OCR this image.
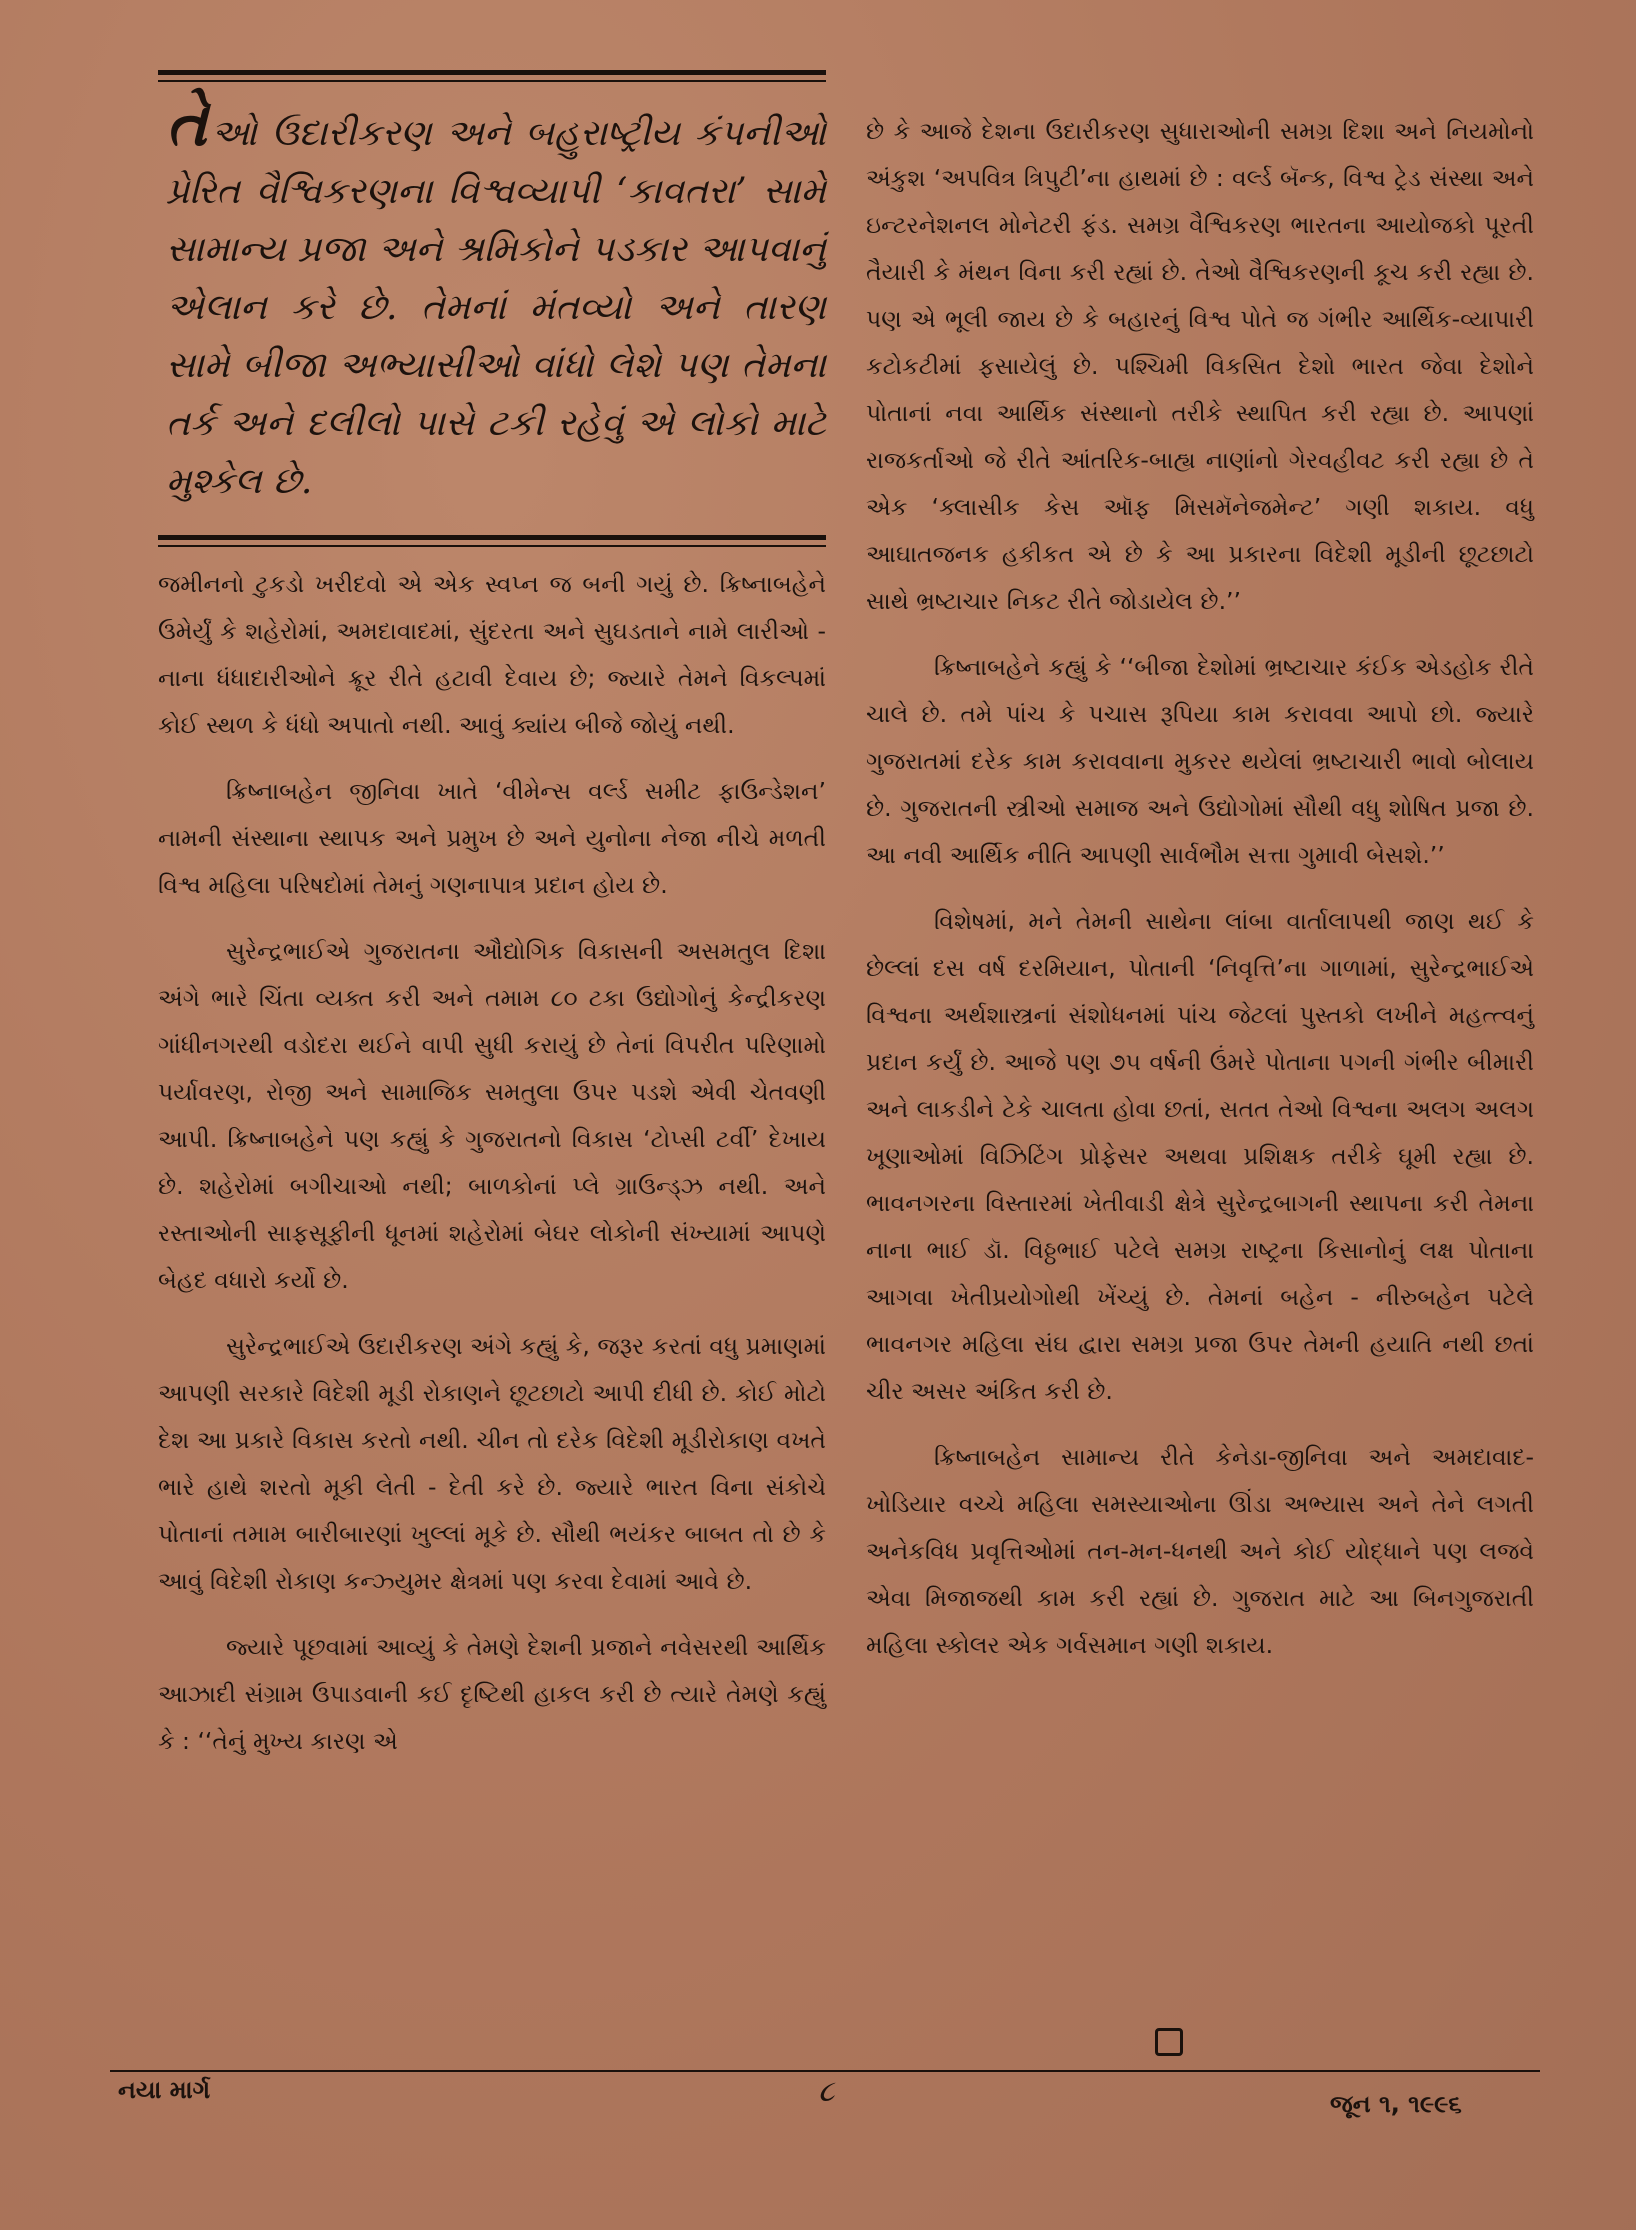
તેઓ ઉદારીકરણ અને બહુરાષ્ટ્રીય કંપનીઓ પ્રેરિત વૈશ્વિકરણના વિશ્વવ્યાપી ‘કાવતરા’ સામે સામાન્ય પ્રજા અને શ્રમિકોને પડકાર આપવાનું એલાન કરે છે. તેમનાં મંતવ્યો અને તારણ સામે બીજા અભ્યાસીઓ વાંધો લેશે પણ તેમના તર્ક અને દલીલો પાસે ટકી રહેવું એ લોકો માટે મુશ્કેલ છે.

જમીનનો ટુકડો ખરીદવો એ એક સ્વપ્ન જ બની ગયું છે. ક્રિષ્નાબહેને ઉમેર્યું કે શહેરોમાં, અમદાવાદમાં, સુંદરતા અને સુઘડતાને નામે લારીઓ - નાના ધંધાદારીઓને ક્રૂર રીતે હટાવી દેવાય છે; જ્યારે તેમને વિકલ્પમાં કોઈ સ્થળ કે ધંધો અપાતો નથી. આવું ક્યાંય બીજે જોયું નથી.

ક્રિષ્નાબહેન જીનિવા ખાતે ‘વીમેન્સ વર્લ્ડ સમીટ ફાઉન્ડેશન’ નામની સંસ્થાના સ્થાપક અને પ્રમુખ છે અને યુનોના નેજા નીચે મળતી વિશ્વ મહિલા પરિષદોમાં તેમનું ગણનાપાત્ર પ્રદાન હોય છે.

સુરેન્દ્રભાઈએ ગુજરાતના ઔદ્યોગિક વિકાસની અસમતુલ દિશા અંગે ભારે ચિંતા વ્યક્ત કરી અને તમામ ૮૦ ટકા ઉદ્યોગોનું કેન્દ્રીકરણ ગાંધીનગરથી વડોદરા થઈને વાપી સુધી કરાયું છે તેનાં વિપરીત પરિણામો પર્યાવરણ, રોજી અને સામાજિક સમતુલા ઉપર પડશે એવી ચેતવણી આપી. ક્રિષ્નાબહેને પણ કહ્યું કે ગુજરાતનો વિકાસ ‘ટોપ્સી ટર્વી’ દેખાય છે. શહેરોમાં બગીચાઓ નથી; બાળકોનાં પ્લે ગ્રાઉન્ડ્ઝ નથી. અને રસ્તાઓની સાફસૂફીની ધૂનમાં શહેરોમાં બેઘર લોકોની સંખ્યામાં આપણે બેહદ વધારો કર્યો છે.

સુરેન્દ્રભાઈએ ઉદારીકરણ અંગે કહ્યું કે, જરૂર કરતાં વધુ પ્રમાણમાં આપણી સરકારે વિદેશી મૂડી રોકાણને છૂટછાટો આપી દીધી છે. કોઈ મોટો દેશ આ પ્રકારે વિકાસ કરતો નથી. ચીન તો દરેક વિદેશી મૂડીરોકાણ વખતે ભારે હાથે શરતો મૂકી લેતી - દેતી કરે છે. જ્યારે ભારત વિના સંકોચે પોતાનાં તમામ બારીબારણાં ખુલ્લાં મૂકે છે. સૌથી ભયંકર બાબત તો છે કે આવું વિદેશી રોકાણ કન્ઝ્યુમર ક્ષેત્રમાં પણ કરવા દેવામાં આવે છે.

જ્યારે પૂછવામાં આવ્યું કે તેમણે દેશની પ્રજાને નવેસરથી આર્થિક આઝાદી સંગ્રામ ઉપાડવાની કઈ દૃષ્ટિથી હાકલ કરી છે ત્યારે તેમણે કહ્યું કે : ‘‘તેનું મુખ્ય કારણ એ

છે કે આજે દેશના ઉદારીકરણ સુધારાઓની સમગ્ર દિશા અને નિયમોનો અંકુશ ‘અપવિત્ર ત્રિપુટી’ના હાથમાં છે : વર્લ્ડ બૅન્ક, વિશ્વ ટ્રેડ સંસ્થા અને ઇન્ટરનેશનલ મોનેટરી ફંડ. સમગ્ર વૈશ્વિકરણ ભારતના આયોજકો પૂરતી તૈયારી કે મંથન વિના કરી રહ્યાં છે. તેઓ વૈશ્વિકરણની કૂચ કરી રહ્યા છે. પણ એ ભૂલી જાય છે કે બહારનું વિશ્વ પોતે જ ગંભીર આર્થિક-વ્યાપારી કટોકટીમાં ફસાયેલું છે. પશ્ચિમી વિકસિત દેશો ભારત જેવા દેશોને પોતાનાં નવા આર્થિક સંસ્થાનો તરીકે સ્થાપિત કરી રહ્યા છે. આપણાં રાજકર્તાઓ જે રીતે આંતરિક-બાહ્ય નાણાંનો ગેરવહીવટ કરી રહ્યા છે તે એક ‘ક્લાસીક કેસ ઑફ મિસમૅનેજમેન્ટ’ ગણી શકાય. વધુ આઘાતજનક હકીકત એ છે કે આ પ્રકારના વિદેશી મૂડીની છૂટછાટો સાથે ભ્રષ્ટાચાર નિકટ રીતે જોડાયેલ છે.’’

ક્રિષ્નાબહેને કહ્યું કે ‘‘બીજા દેશોમાં ભ્રષ્ટાચાર કંઈક એડહોક રીતે ચાલે છે. તમે પાંચ કે પચાસ રૂપિયા કામ કરાવવા આપો છો. જ્યારે ગુજરાતમાં દરેક કામ કરાવવાના મુકરર થયેલાં ભ્રષ્ટાચારી ભાવો બોલાય છે. ગુજરાતની સ્ત્રીઓ સમાજ અને ઉદ્યોગોમાં સૌથી વધુ શોષિત પ્રજા છે. આ નવી આર્થિક નીતિ આપણી સાર્વભૌમ સત્તા ગુમાવી બેસશે.’’

વિશેષમાં, મને તેમની સાથેના લાંબા વાર્તાલાપથી જાણ થઈ કે છેલ્લાં દસ વર્ષ દરમિયાન, પોતાની ‘નિવૃત્તિ’ના ગાળામાં, સુરેન્દ્રભાઈએ વિશ્વના અર્થશાસ્ત્રનાં સંશોધનમાં પાંચ જેટલાં પુસ્તકો લખીને મહત્ત્વનું પ્રદાન કર્યું છે. આજે પણ ૭૫ વર્ષની ઉંમરે પોતાના પગની ગંભીર બીમારી અને લાકડીને ટેકે ચાલતા હોવા છતાં, સતત તેઓ વિશ્વના અલગ અલગ ખૂણાઓમાં વિઝિટિંગ પ્રોફેસર અથવા પ્રશિક્ષક તરીકે ઘૂમી રહ્યા છે. ભાવનગરના વિસ્તારમાં ખેતીવાડી ક્ષેત્રે સુરેન્દ્રબાગની સ્થાપના કરી તેમના નાના ભાઈ ડૉ. વિઠ્ઠભાઈ પટેલે સમગ્ર રાષ્ટ્રના કિસાનોનું લક્ષ પોતાના આગવા ખેતીપ્રયોગોથી ખેંચ્યું છે. તેમનાં બહેન - નીરુબહેન પટેલે ભાવનગર મહિલા સંઘ દ્વારા સમગ્ર પ્રજા ઉપર તેમની હયાતિ નથી છતાં ચીર અસર અંકિત કરી છે.

ક્રિષ્નાબહેન સામાન્ય રીતે કેનેડા-જીનિવા અને અમદાવાદ-ખોડિયાર વચ્ચે મહિલા સમસ્યાઓના ઊંડા અભ્યાસ અને તેને લગતી અનેકવિધ પ્રવૃત્તિઓમાં તન-મન-ધનથી અને કોઈ યોદ્ધાને પણ લજવે એવા મિજાજથી કામ કરી રહ્યાં છે. ગુજરાત માટે આ બિનગુજરાતી મહિલા સ્કોલર એક ગર્વસમાન ગણી શકાય.

નયા માર્ગ	૮	જૂન ૧, ૧૯૯૬
